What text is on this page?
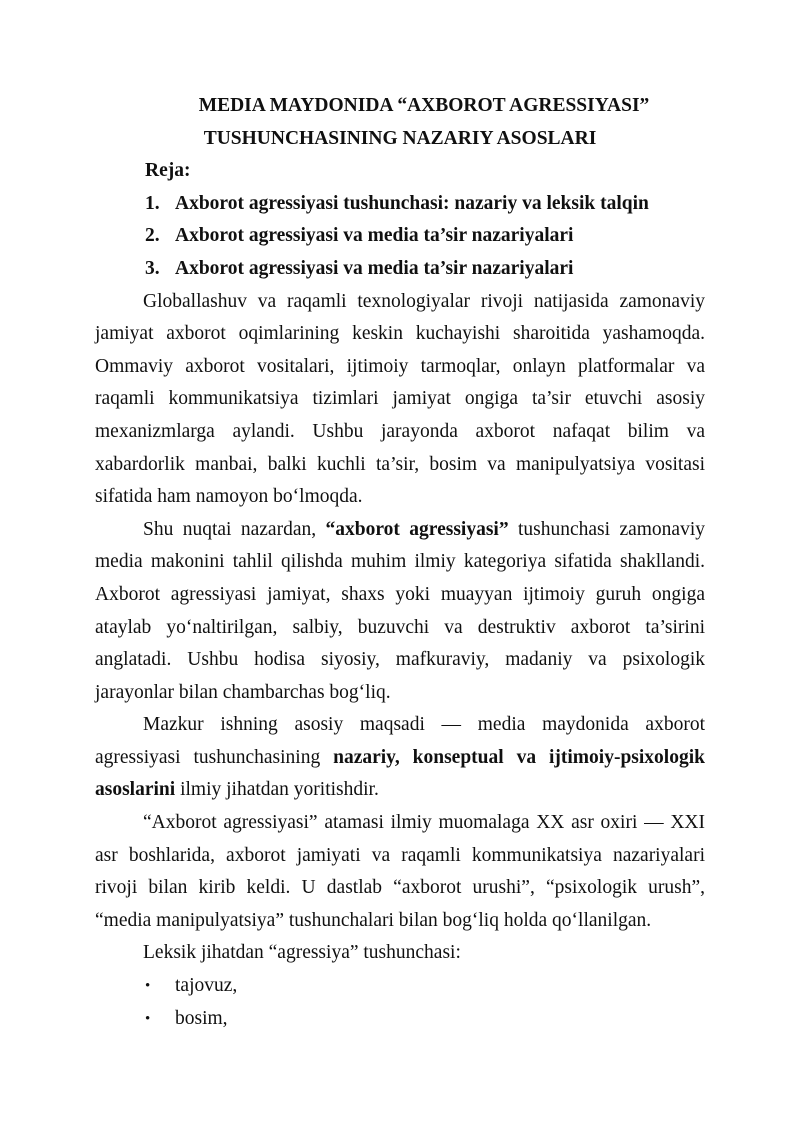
MEDIA MAYDONIDA “AXBOROT AGRESSIYASI”
TUSHUNCHASINING NAZARIY ASOSLARI

Reja:

1. Axborot agressiyasi tushunchasi: nazariy va leksik talqin
2. Axborot agressiyasi va media ta’sir nazariyalari
3. Axborot agressiyasi va media ta’sir nazariyalari

Globallashuv va raqamli texnologiyalar rivoji natijasida zamonaviy jamiyat axborot oqimlarining keskin kuchayishi sharoitida yashamoqda. Ommaviy axborot vositalari, ijtimoiy tarmoqlar, onlayn platformalar va raqamli kommunikatsiya tizimlari jamiyat ongiga ta’sir etuvchi asosiy mexanizmlarga aylandi. Ushbu jarayonda axborot nafaqat bilim va xabardorlik manbai, balki kuchli ta’sir, bosim va manipulyatsiya vositasi sifatida ham namoyon bo‘lmoqda.

Shu nuqtai nazardan, “axborot agressiyasi” tushunchasi zamonaviy media makonini tahlil qilishda muhim ilmiy kategoriya sifatida shakllandi. Axborot agressiyasi jamiyat, shaxs yoki muayyan ijtimoiy guruh ongiga ataylab yo‘naltirilgan, salbiy, buzuvchi va destruktiv axborot ta’sirini anglatadi. Ushbu hodisa siyosiy, mafkuraviy, madaniy va psixologik jarayonlar bilan chambarchas bog‘liq.

Mazkur ishning asosiy maqsadi — media maydonida axborot agressiyasi tushunchasining nazariy, konseptual va ijtimoiy-psixologik asoslarini ilmiy jihatdan yoritishdir.

“Axborot agressiyasi” atamasi ilmiy muomalaga XX asr oxiri — XXI asr boshlarida, axborot jamiyati va raqamli kommunikatsiya nazariyalari rivoji bilan kirib keldi. U dastlab “axborot urushi”, “psixologik urush”, “media manipulyatsiya” tushunchalari bilan bog‘liq holda qo‘llanilgan.

Leksik jihatdan “agressiya” tushunchasi:

•	tajovuz,
•	bosim,
